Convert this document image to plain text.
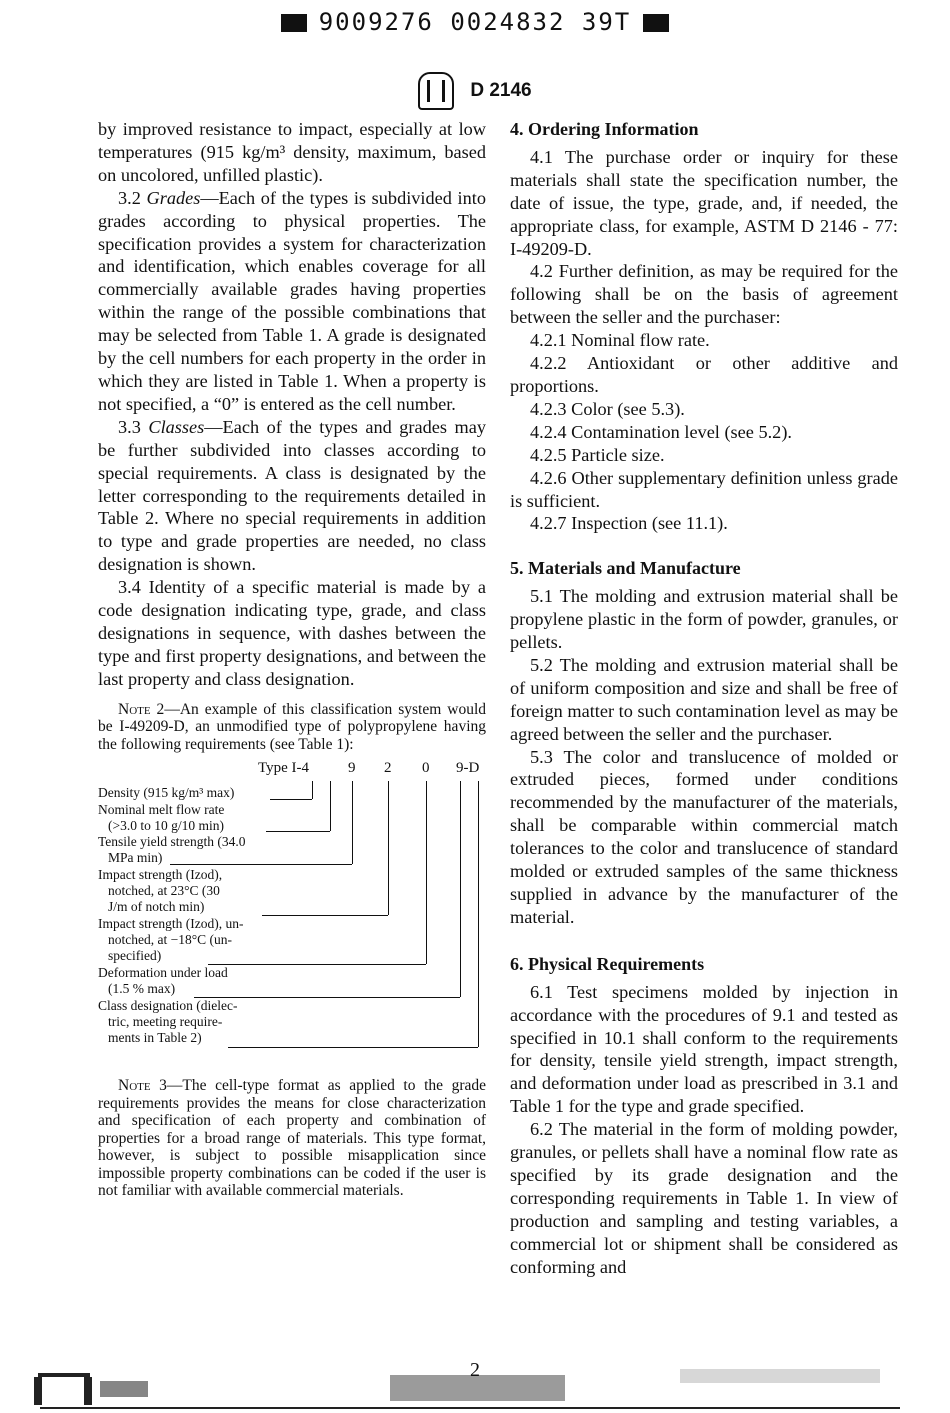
9009276 0024832 39T
D 2146

by improved resistance to impact, especially at low temperatures (915 kg/m³ density, maximum, based on uncolored, unfilled plastic).

3.2 Grades—Each of the types is subdivided into grades according to physical properties. The specification provides a system for characterization and identification, which enables coverage for all commercially available grades having properties within the range of the possible combinations that may be selected from Table 1. A grade is designated by the cell numbers for each property in the order in which they are listed in Table 1. When a property is not specified, a “0” is entered as the cell number.

3.3 Classes—Each of the types and grades may be further subdivided into classes according to special requirements. A class is designated by the letter corresponding to the requirements detailed in Table 2. Where no special requirements in addition to type and grade properties are needed, no class designation is shown.

3.4 Identity of a specific material is made by a code designation indicating type, grade, and class designations in sequence, with dashes between the type and first property designations, and between the last property and class designation.

Note 2—An example of this classification system would be I-49209-D, an unmodified type of polypropylene having the following requirements (see Table 1):

Type I-4	9 2 0 9-D
Density (915 kg/m³ max)
Nominal melt flow rate
(>3.0 to 10 g/10 min)
Tensile yield strength (34.0
MPa min)
Impact strength (Izod),
notched, at 23°C (30
J/m of notch min)
Impact strength (Izod), un-
notched, at −18°C (un-
specified)
Deformation under load
(1.5 % max)
Class designation (dielec-
tric, meeting require-
ments in Table 2)

Note 3—The cell-type format as applied to the grade requirements provides the means for close characterization and specification of each property and combination of properties for a broad range of materials. This type format, however, is subject to possible misapplication since impossible property combinations can be coded if the user is not familiar with available commercial materials.

4. Ordering Information

4.1 The purchase order or inquiry for these materials shall state the specification number, the date of issue, the type, grade, and, if needed, the appropriate class, for example, ASTM D 2146 - 77: I-49209-D.

4.2 Further definition, as may be required for the following shall be on the basis of agreement between the seller and the purchaser:

4.2.1 Nominal flow rate.

4.2.2 Antioxidant or other additive and proportions.

4.2.3 Color (see 5.3).

4.2.4 Contamination level (see 5.2).

4.2.5 Particle size.

4.2.6 Other supplementary definition unless grade is sufficient.

4.2.7 Inspection (see 11.1).

5. Materials and Manufacture

5.1 The molding and extrusion material shall be propylene plastic in the form of powder, granules, or pellets.

5.2 The molding and extrusion material shall be of uniform composition and size and shall be free of foreign matter to such contamination level as may be agreed between the seller and the purchaser.

5.3 The color and translucence of molded or extruded pieces, formed under conditions recommended by the manufacturer of the materials, shall be comparable within commercial match tolerances to the color and translucence of standard molded or extruded samples of the same thickness supplied in advance by the manufacturer of the material.

6. Physical Requirements

6.1 Test specimens molded by injection in accordance with the procedures of 9.1 and tested as specified in 10.1 shall conform to the requirements for density, tensile yield strength, impact strength, and deformation under load as prescribed in 3.1 and Table 1 for the type and grade specified.

6.2 The material in the form of molding powder, granules, or pellets shall have a nominal flow rate as specified by its grade designation and the corresponding requirements in Table 1. In view of production and sampling and testing variables, a commercial lot or shipment shall be considered as conforming and

2
